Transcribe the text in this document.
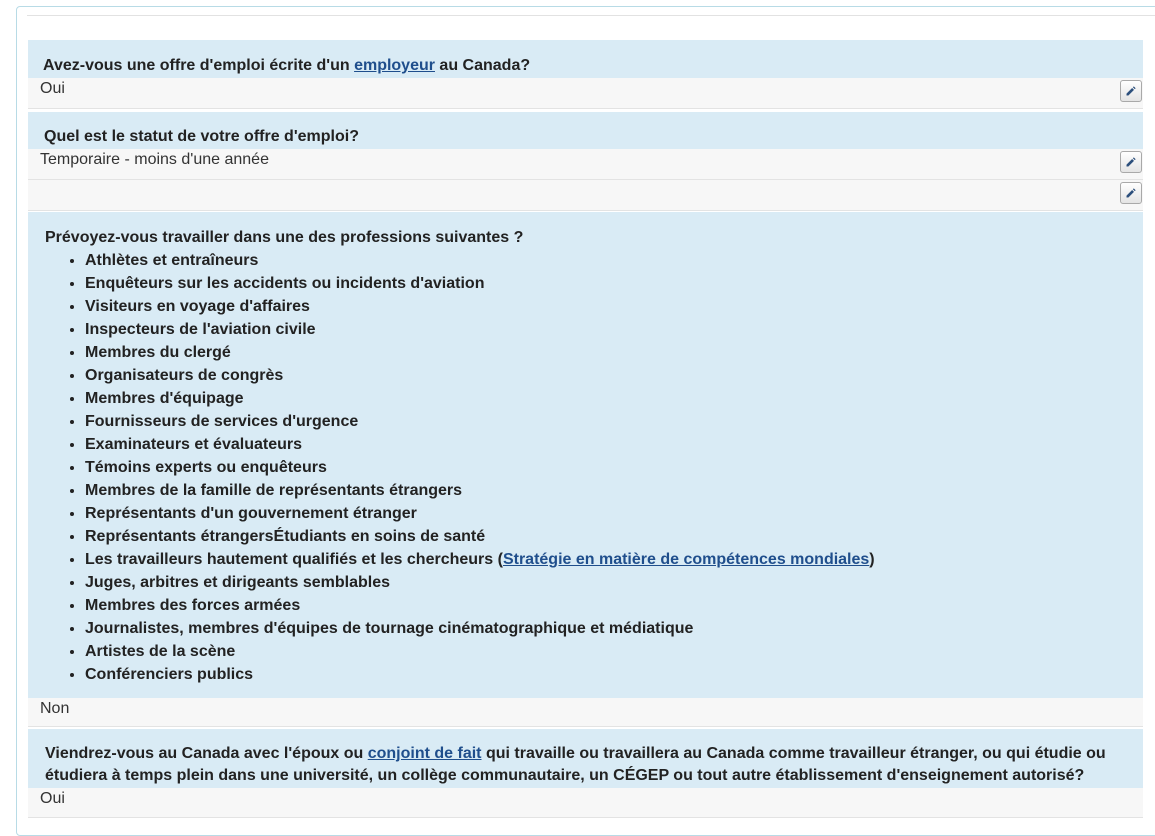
Avez-vous une offre d'emploi écrite d'un employeur au Canada?
Oui
Quel est le statut de votre offre d'emploi?
Temporaire - moins d'une année
Prévoyez-vous travailler dans une des professions suivantes ?
• Athlètes et entraîneurs
• Enquêteurs sur les accidents ou incidents d'aviation
• Visiteurs en voyage d'affaires
• Inspecteurs de l'aviation civile
• Membres du clergé
• Organisateurs de congrès
• Membres d'équipage
• Fournisseurs de services d'urgence
• Examinateurs et évaluateurs
• Témoins experts ou enquêteurs
• Membres de la famille de représentants étrangers
• Représentants d'un gouvernement étranger
• Représentants étrangersÉtudiants en soins de santé
• Les travailleurs hautement qualifiés et les chercheurs (Stratégie en matière de compétences mondiales)
• Juges, arbitres et dirigeants semblables
• Membres des forces armées
• Journalistes, membres d'équipes de tournage cinématographique et médiatique
• Artistes de la scène
• Conférenciers publics
Non
Viendrez-vous au Canada avec l'époux ou conjoint de fait qui travaille ou travaillera au Canada comme travailleur étranger, ou qui étudie ou étudiera à temps plein dans une université, un collège communautaire, un CÉGEP ou tout autre établissement d'enseignement autorisé?
Oui
